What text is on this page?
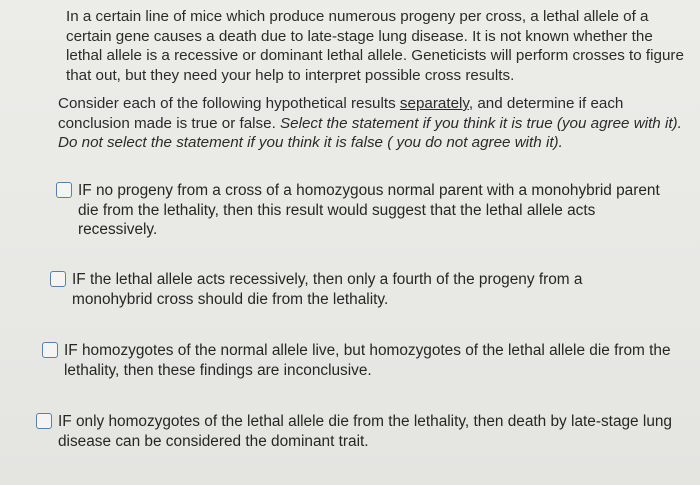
In a certain line of mice which produce numerous progeny per cross, a lethal allele of a certain gene causes a death due to late-stage lung disease. It is not known whether the lethal allele is a recessive or dominant lethal allele. Geneticists will perform crosses to figure that out, but they need your help to interpret possible cross results.
Consider each of the following hypothetical results separately, and determine if each conclusion made is true or false. Select the statement if you think it is true (you agree with it). Do not select the statement if you think it is false ( you do not agree with it).
IF no progeny from a cross of a homozygous normal parent with a monohybrid parent die from the lethality, then this result would suggest that the lethal allele acts recessively.
IF the lethal allele acts recessively, then only a fourth of the progeny from a monohybrid cross should die from the lethality.
IF homozygotes of the normal allele live, but homozygotes of the lethal allele die from the lethality, then these findings are inconclusive.
IF only homozygotes of the lethal allele die from the lethality, then death by late-stage lung disease can be considered the dominant trait.
